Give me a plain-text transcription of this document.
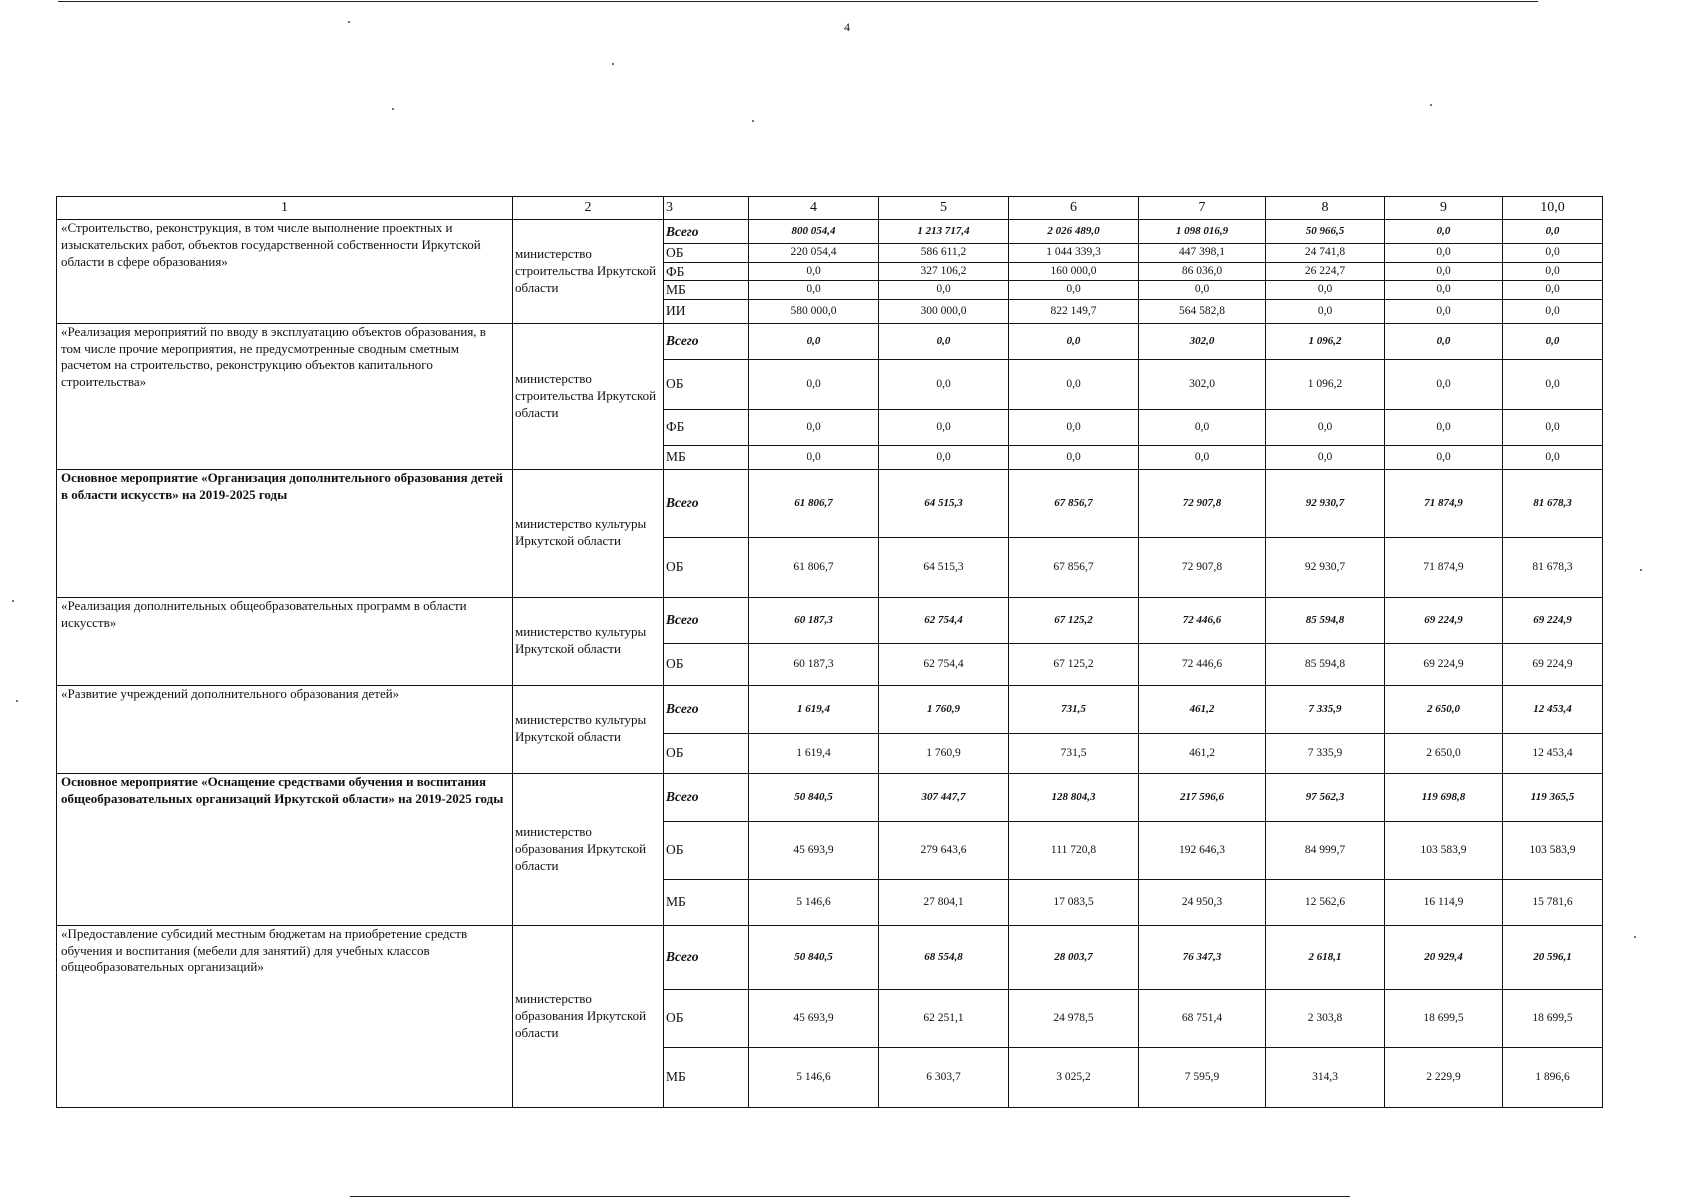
4
1	2	3	4	5	6	7	8	9	10,0
«Строительство, реконструкция, в том числе выполнение проектных и изыскательских работ, объектов государственной собственности Иркутской области в сфере образования»	министерство строительства Иркутской области	Всего	800 054,4	1 213 717,4	2 026 489,0	1 098 016,9	50 966,5	0,0	0,0
		ОБ	220 054,4	586 611,2	1 044 339,3	447 398,1	24 741,8	0,0	0,0
		ФБ	0,0	327 106,2	160 000,0	86 036,0	26 224,7	0,0	0,0
		МБ	0,0	0,0	0,0	0,0	0,0	0,0	0,0
		ИИ	580 000,0	300 000,0	822 149,7	564 582,8	0,0	0,0	0,0
«Реализация мероприятий по вводу в эксплуатацию объектов образования, в том числе прочие мероприятия, не предусмотренные сводным сметным расчетом на строительство, реконструкцию объектов капитального строительства»	министерство строительства Иркутской области	Всего	0,0	0,0	0,0	302,0	1 096,2	0,0	0,0
		ОБ	0,0	0,0	0,0	302,0	1 096,2	0,0	0,0
		ФБ	0,0	0,0	0,0	0,0	0,0	0,0	0,0
		МБ	0,0	0,0	0,0	0,0	0,0	0,0	0,0
Основное мероприятие «Организация дополнительного образования детей в области искусств» на 2019-2025 годы	министерство культуры Иркутской области	Всего	61 806,7	64 515,3	67 856,7	72 907,8	92 930,7	71 874,9	81 678,3
		ОБ	61 806,7	64 515,3	67 856,7	72 907,8	92 930,7	71 874,9	81 678,3
«Реализация дополнительных общеобразовательных программ в области искусств»	министерство культуры Иркутской области	Всего	60 187,3	62 754,4	67 125,2	72 446,6	85 594,8	69 224,9	69 224,9
		ОБ	60 187,3	62 754,4	67 125,2	72 446,6	85 594,8	69 224,9	69 224,9
«Развитие учреждений дополнительного образования детей»	министерство культуры Иркутской области	Всего	1 619,4	1 760,9	731,5	461,2	7 335,9	2 650,0	12 453,4
		ОБ	1 619,4	1 760,9	731,5	461,2	7 335,9	2 650,0	12 453,4
Основное мероприятие «Оснащение средствами обучения и воспитания общеобразовательных организаций Иркутской области» на 2019-2025 годы	министерство образования Иркутской области	Всего	50 840,5	307 447,7	128 804,3	217 596,6	97 562,3	119 698,8	119 365,5
		ОБ	45 693,9	279 643,6	111 720,8	192 646,3	84 999,7	103 583,9	103 583,9
		МБ	5 146,6	27 804,1	17 083,5	24 950,3	12 562,6	16 114,9	15 781,6
«Предоставление субсидий местным бюджетам на приобретение средств обучения и воспитания (мебели для занятий) для учебных классов общеобразовательных организаций»	министерство образования Иркутской области	Всего	50 840,5	68 554,8	28 003,7	76 347,3	2 618,1	20 929,4	20 596,1
		ОБ	45 693,9	62 251,1	24 978,5	68 751,4	2 303,8	18 699,5	18 699,5
		МБ	5 146,6	6 303,7	3 025,2	7 595,9	314,3	2 229,9	1 896,6
